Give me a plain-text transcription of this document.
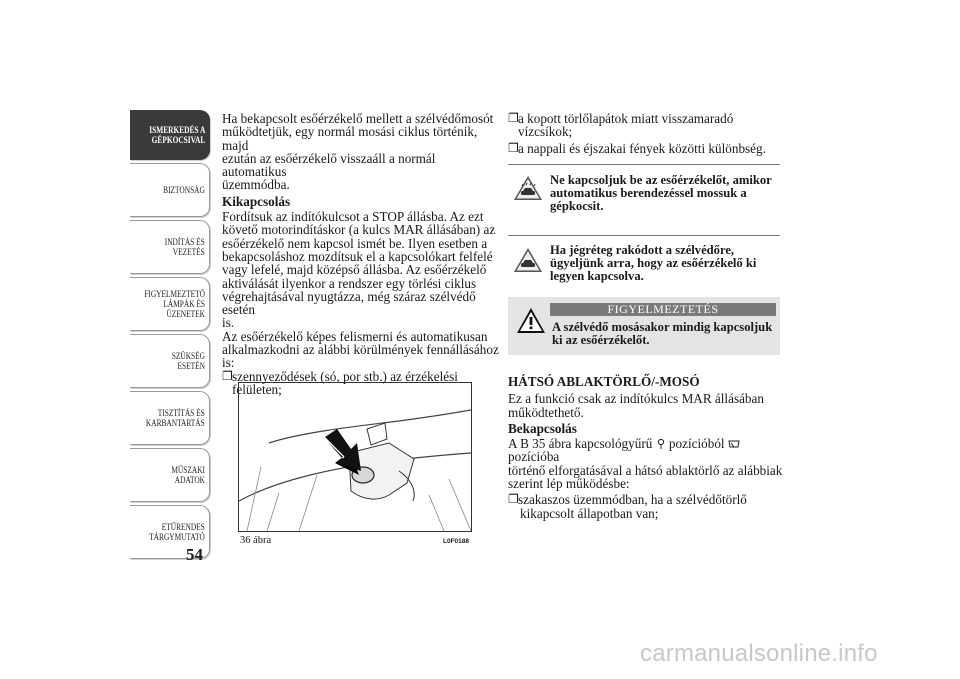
ISMERKEDÉS A
GÉPKOCSIVAL
BIZTONSÁG
INDÍTÁS ÉS
VEZETÉS
FIGYELMEZTETŐ
LÁMPÁK ÉS
ÜZENETEK
SZÜKSÉG ESETÉN
TISZTÍTÁS ÉS
KARBANTARTÁS
MŰSZAKI ADATOK
ETŰRENDES
TÁRGYMUTATÓ
54

Ha bekapcsolt esőérzékelő mellett a szélvédőmosót

működtetjük, egy normál mosási ciklus történik, majd

ezután az esőérzékelő visszaáll a normál automatikus

üzemmódba.

Kikapcsolás

Fordítsuk az indítókulcsot a STOP állásba. Az ezt

követő motorindításkor (a kulcs MAR állásában) az

esőérzékelő nem kapcsol ismét be. Ilyen esetben a

bekapcsoláshoz mozdítsuk el a kapcsolókart felfelé

vagy lefelé, majd középső állásba. Az esőérzékelő

aktiválását ilyenkor a rendszer egy törlési ciklus

végrehajtásával nyugtázza, még száraz szélvédő esetén

is.

Az esőérzékelő képes felismerni és automatikusan

alkalmazkodni az alábbi körülmények fennállásához

is:

❐ szennyeződések (só, por stb.) az érzékelési felületen;

36 ábra	L0F0188

❐ a kopott törlőlapátok miatt visszamaradó vízcsíkok;

❐ a nappali és éjszakai fények közötti különbség.

Ne kapcsoljuk be az esőérzékelőt, amikor
automatikus berendezéssel mossuk a
gépkocsit.
Ha jégréteg rakódott a szélvédőre,
ügyeljünk arra, hogy az esőérzékelő ki
legyen kapcsolva.
FIGYELMEZTETÉS
A szélvédő mosásakor mindig kapcsoljuk
ki az esőérzékelőt.

HÁTSÓ ABLAKTÖRLŐ/-MOSÓ

Ez a funkció csak az indítókulcs MAR állásában

működtethető.

Bekapcsolás

A B 35 ábra kapcsológyűrű pozícióból  pozícióba

történő elforgatásával a hátsó ablaktörlő az alábbiak

szerint lép működésbe:

❐ szakaszos üzemmódban, ha a szélvédőtörlő

kikapcsolt állapotban van;

carmanualsonline.info
